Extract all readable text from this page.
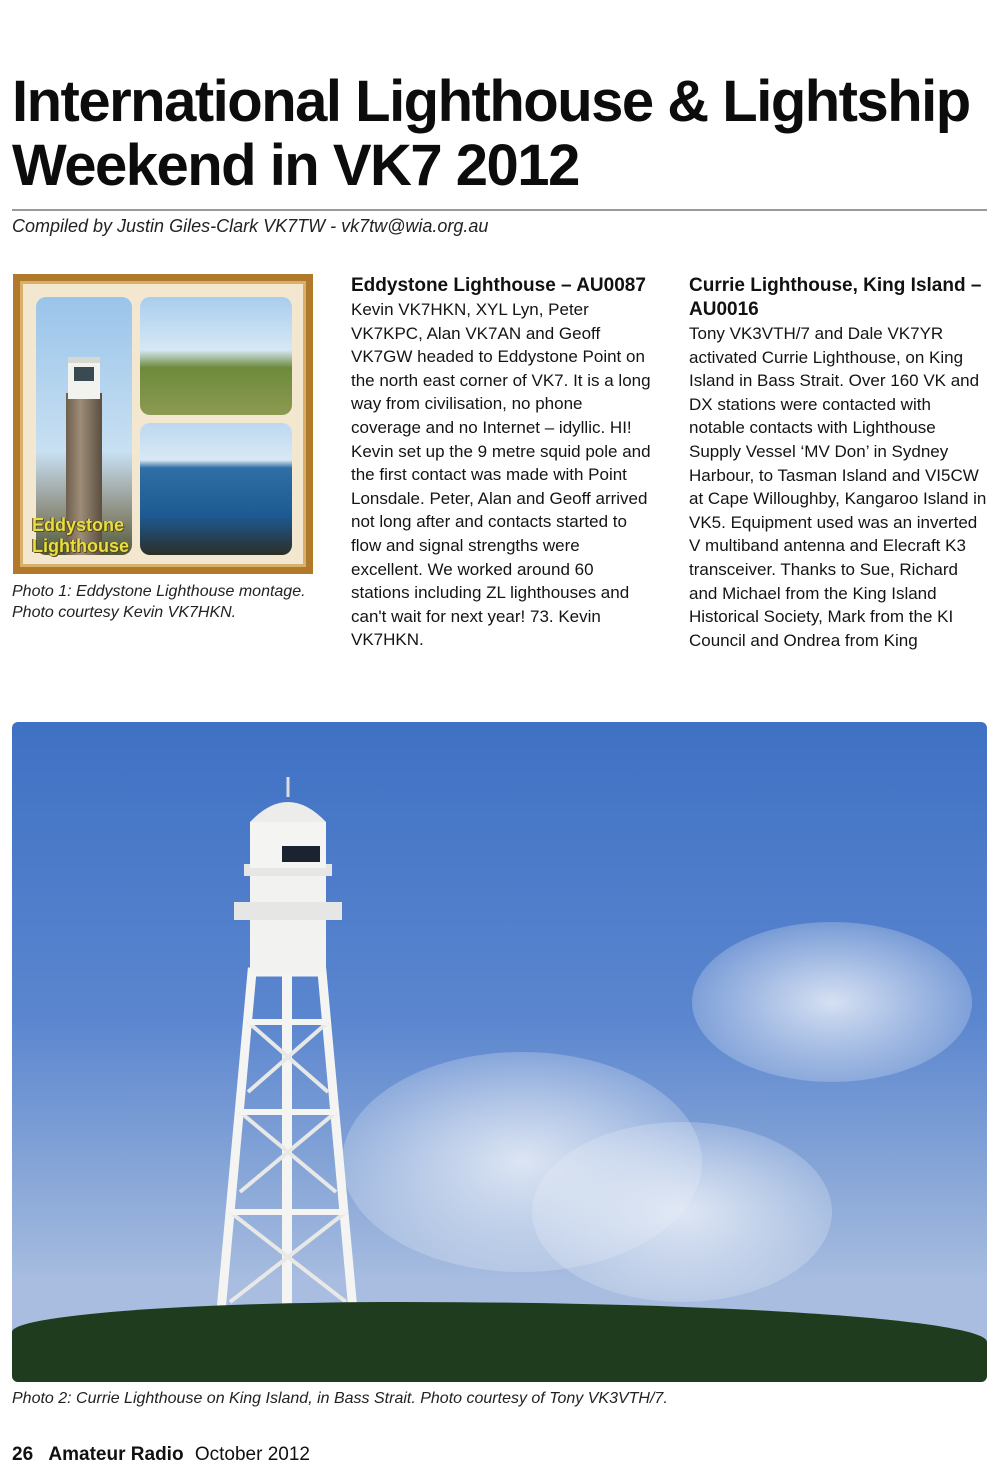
International Lighthouse & Lightship
Weekend in VK7 2012
Compiled by Justin Giles-Clark VK7TW - vk7tw@wia.org.au
Eddystone
Lighthouse
Photo 1: Eddystone Lighthouse montage. Photo courtesy Kevin VK7HKN.
Eddystone Lighthouse – AU0087

Kevin VK7HKN, XYL Lyn, Peter VK7KPC, Alan VK7AN and Geoff VK7GW headed to Eddystone Point on the north east corner of VK7. It is a long way from civilisation, no phone coverage and no Internet – idyllic. HI! Kevin set up the 9 metre squid pole and the first contact was made with Point Lonsdale. Peter, Alan and Geoff arrived not long after and contacts started to flow and signal strengths were excellent. We worked around 60 stations including ZL lighthouses and can't wait for next year! 73. Kevin VK7HKN.

Currie Lighthouse, King Island – AU0016

Tony VK3VTH/7 and Dale VK7YR activated Currie Lighthouse, on King Island in Bass Strait. Over 160 VK and DX stations were contacted with notable contacts with Lighthouse Supply Vessel ‘MV Don’ in Sydney Harbour, to Tasman Island and VI5CW at Cape Willoughby, Kangaroo Island in VK5. Equipment used was an inverted V multiband antenna and Elecraft K3 transceiver. Thanks to Sue, Richard and Michael from the King Island Historical Society, Mark from the KI Council and Ondrea from King

Photo 2: Currie Lighthouse on King Island, in Bass Strait. Photo courtesy of Tony VK3VTH/7.
26 Amateur Radio October 2012
